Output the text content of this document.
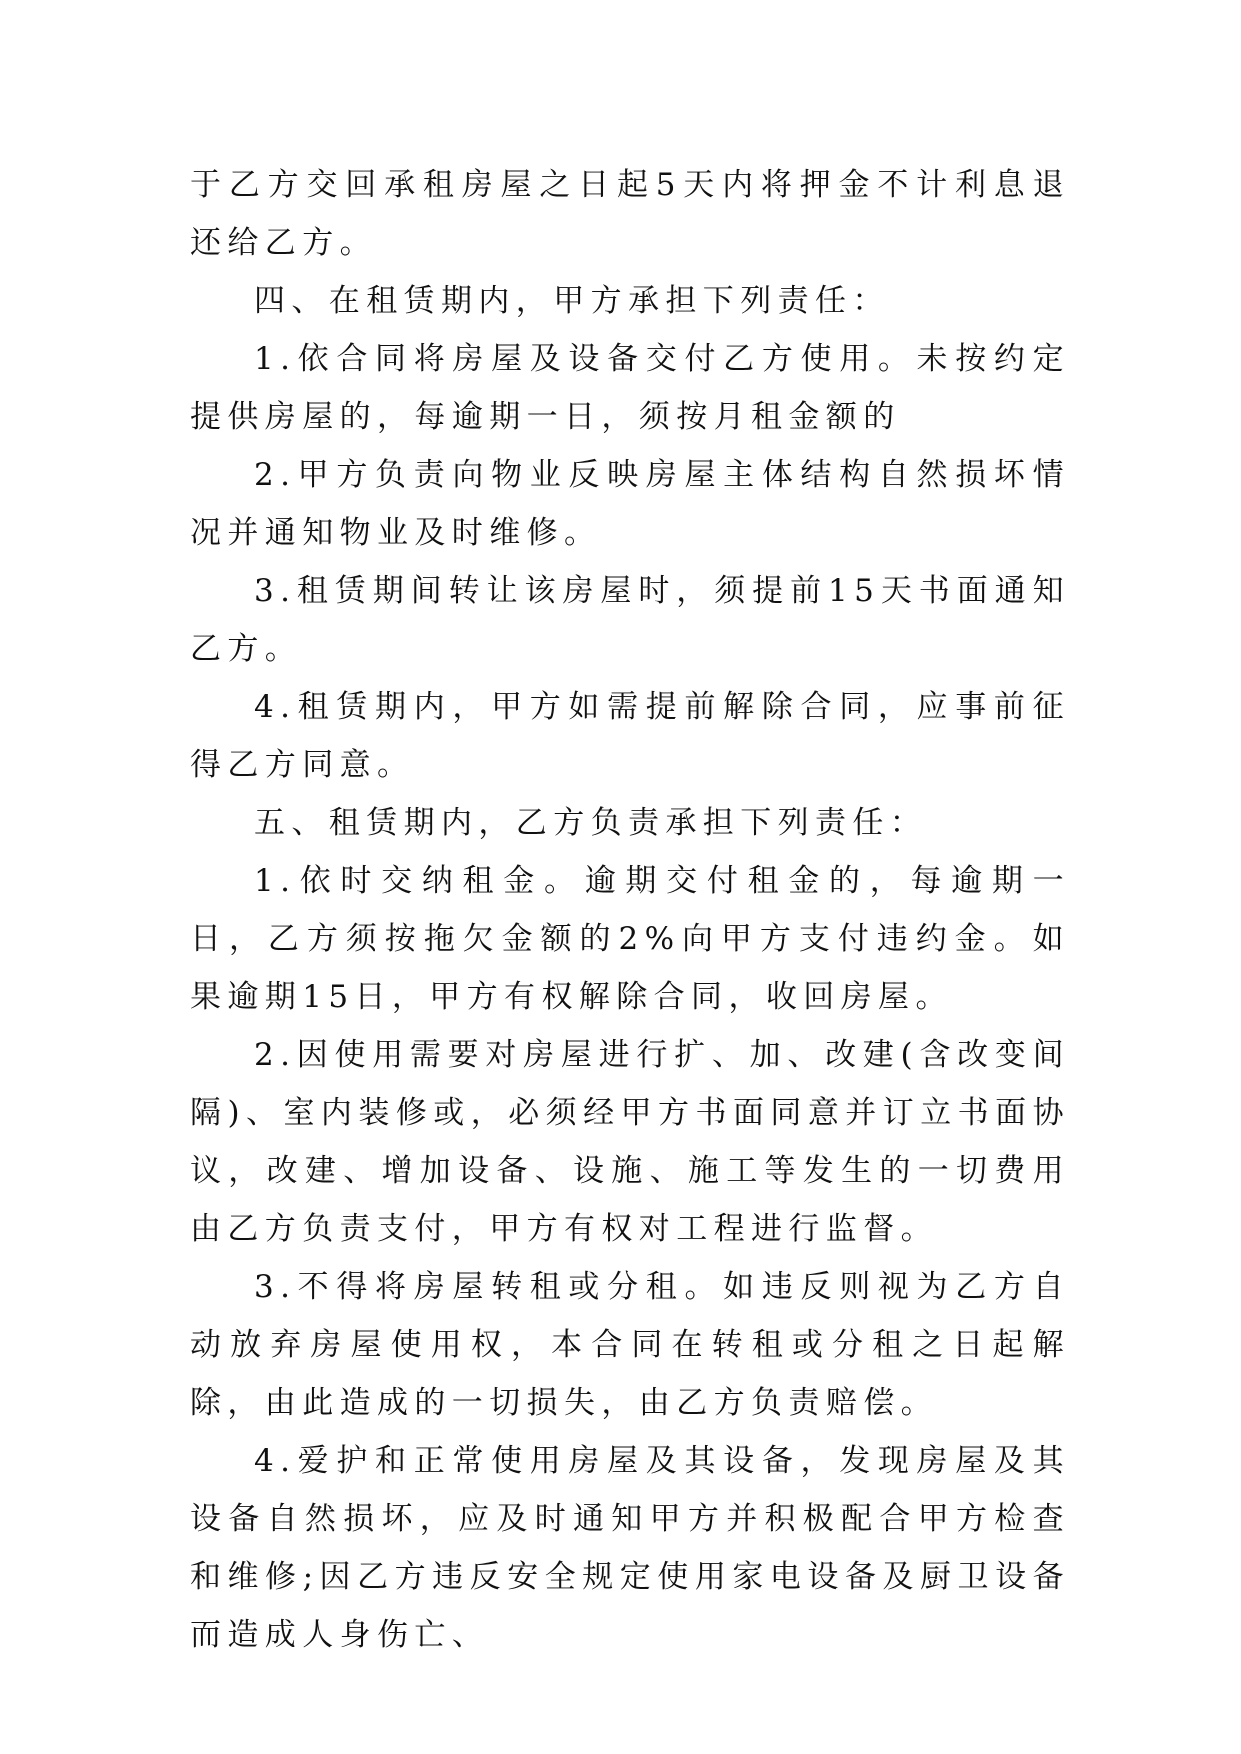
于乙方交回承租房屋之日起5天内将押金不计利息退还给乙方。

四、在租赁期内，甲方承担下列责任：

1.依合同将房屋及设备交付乙方使用。未按约定提供房屋的，每逾期一日，须按月租金额的

2.甲方负责向物业反映房屋主体结构自然损坏情况并通知物业及时维修。

3.租赁期间转让该房屋时，须提前15天书面通知乙方。

4.租赁期内，甲方如需提前解除合同，应事前征得乙方同意。

五、租赁期内，乙方负责承担下列责任：

1.依时交纳租金。逾期交付租金的，每逾期一日，乙方须按拖欠金额的2%向甲方支付违约金。如果逾期15日，甲方有权解除合同，收回房屋。

2.因使用需要对房屋进行扩、加、改建(含改变间隔)、室内装修或，必须经甲方书面同意并订立书面协议，改建、增加设备、设施、施工等发生的一切费用由乙方负责支付，甲方有权对工程进行监督。

3.不得将房屋转租或分租。如违反则视为乙方自动放弃房屋使用权，本合同在转租或分租之日起解除，由此造成的一切损失，由乙方负责赔偿。

4.爱护和正常使用房屋及其设备，发现房屋及其设备自然损坏，应及时通知甲方并积极配合甲方检查和维修;因乙方违反安全规定使用家电设备及厨卫设备而造成人身伤亡、
